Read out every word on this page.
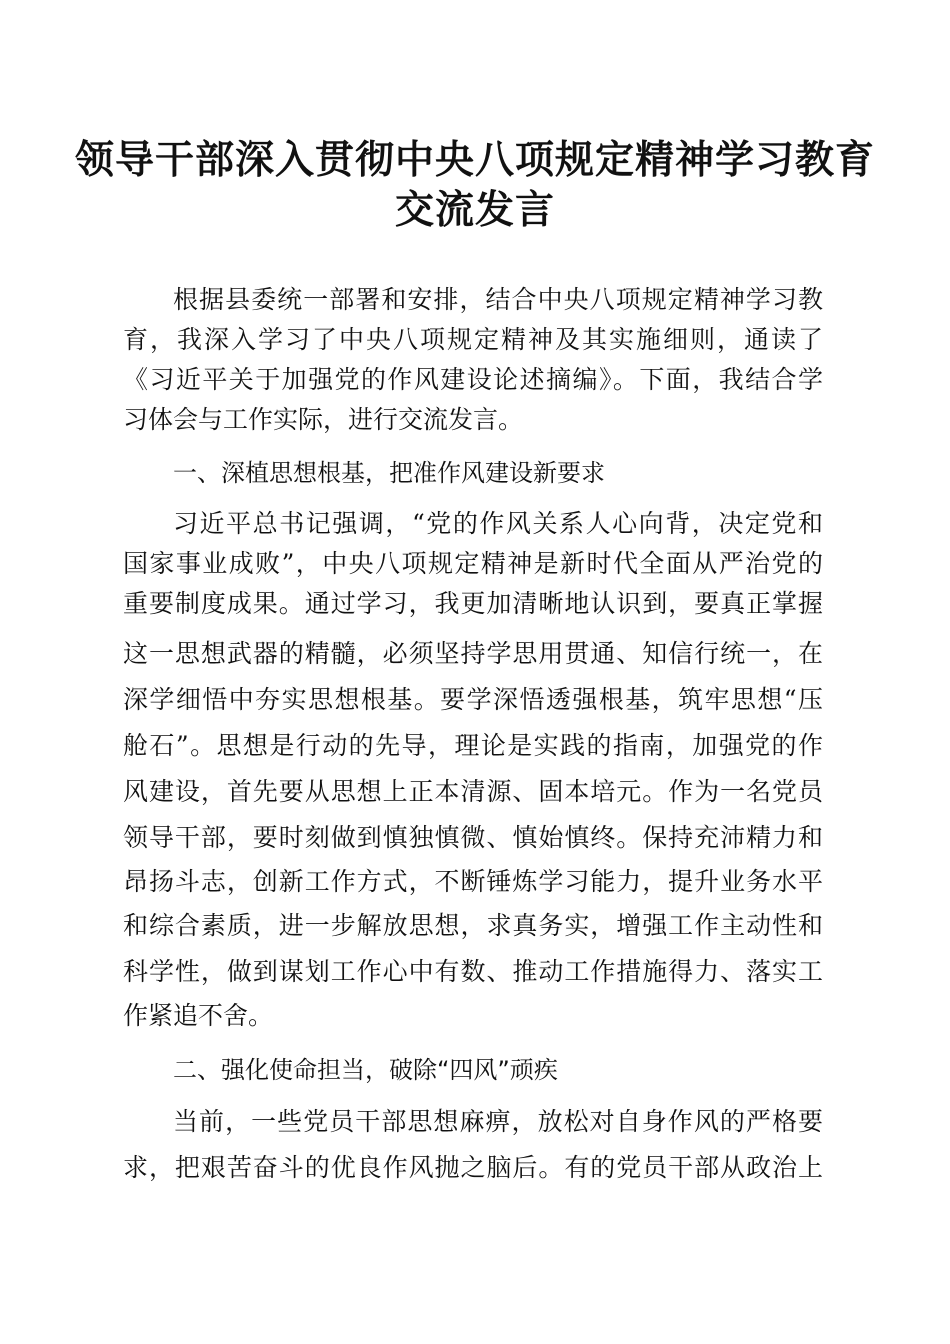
领导干部深入贯彻中央八项规定精神学习教育
交流发言
根据县委统一部署和安排，结合中央八项规定精神学习教
育，我深入学习了中央八项规定精神及其实施细则，通读了
《习近平关于加强党的作风建设论述摘编》。下面，我结合学
习体会与工作实际，进行交流发言。
一、深植思想根基，把准作风建设新要求
习近平总书记强调，“党的作风关系人心向背，决定党和
国家事业成败”，中央八项规定精神是新时代全面从严治党的
重要制度成果。通过学习，我更加清晰地认识到，要真正掌握
这一思想武器的精髓，必须坚持学思用贯通、知信行统一，在
深学细悟中夯实思想根基。要学深悟透强根基，筑牢思想“压
舱石”。思想是行动的先导，理论是实践的指南，加强党的作
风建设，首先要从思想上正本清源、固本培元。作为一名党员
领导干部，要时刻做到慎独慎微、慎始慎终。保持充沛精力和
昂扬斗志，创新工作方式，不断锤炼学习能力，提升业务水平
和综合素质，进一步解放思想，求真务实，增强工作主动性和
科学性，做到谋划工作心中有数、推动工作措施得力、落实工
作紧追不舍。
二、强化使命担当，破除“四风”顽疾
当前，一些党员干部思想麻痹，放松对自身作风的严格要
求，把艰苦奋斗的优良作风抛之脑后。有的党员干部从政治上
